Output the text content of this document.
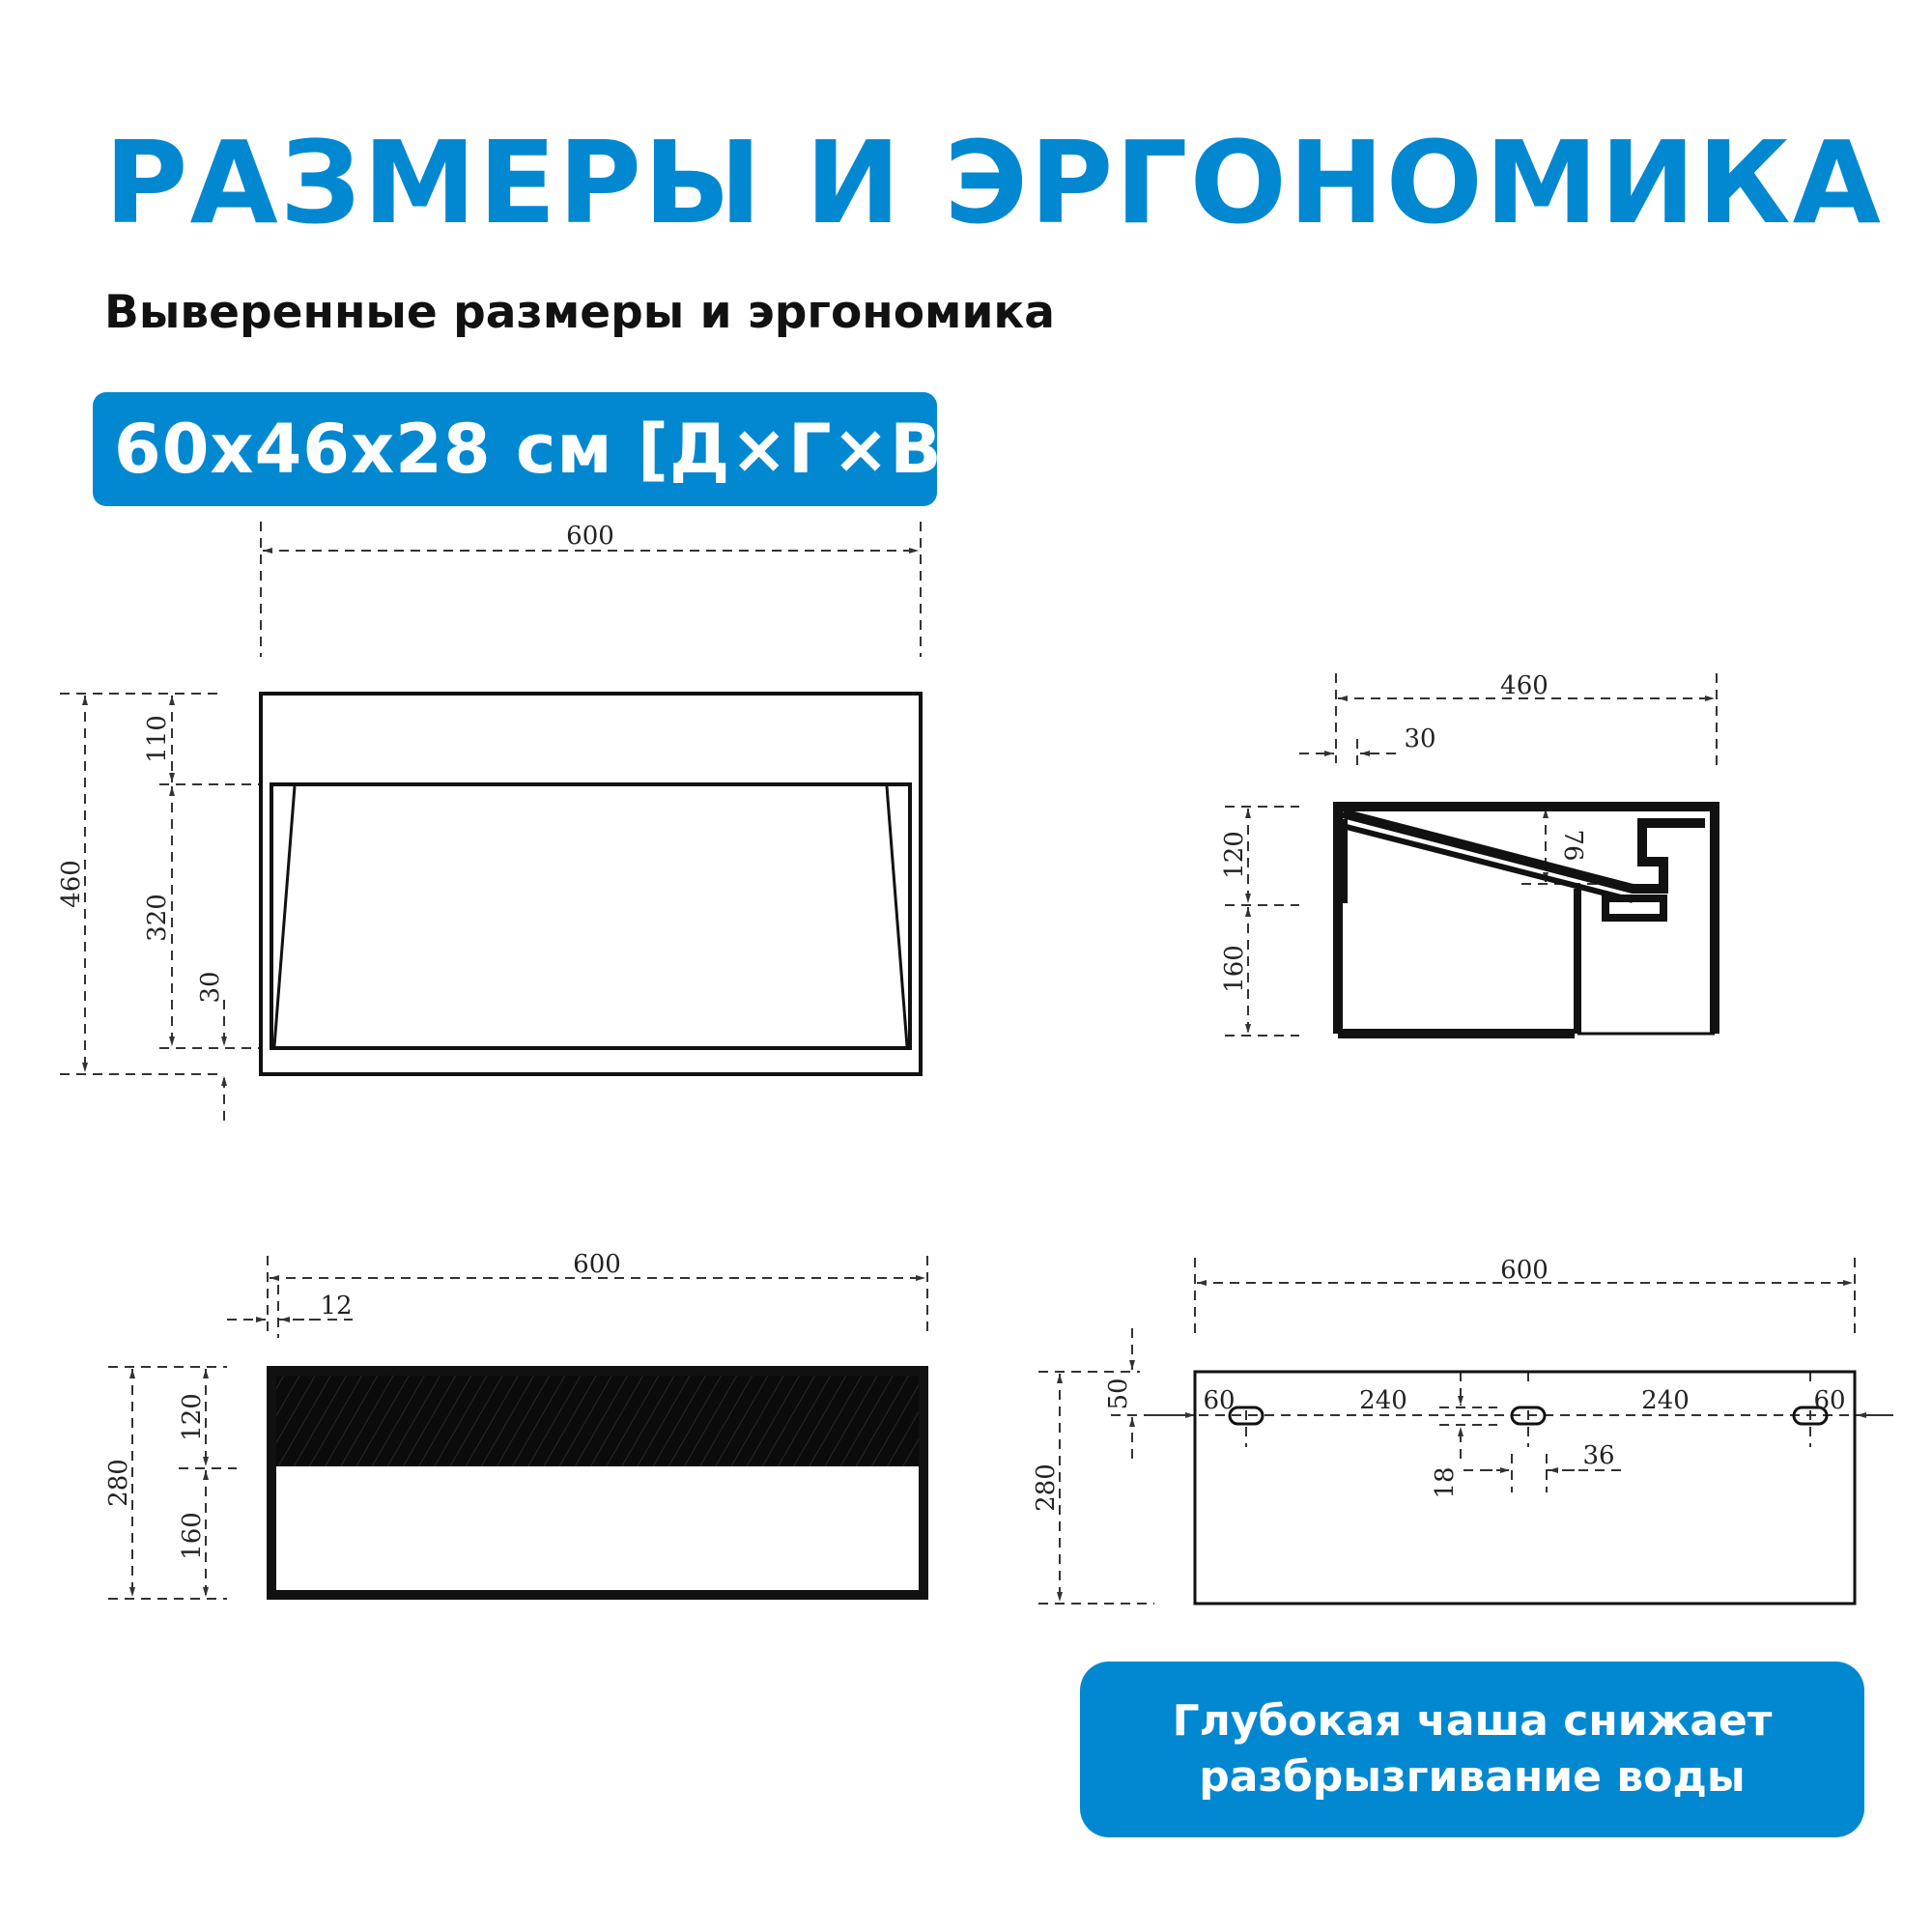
РАЗМЕРЫ И ЭРГОНОМИКА

Выверенные размеры и эргономика

60x46x28 см [Д×Г×В]
600
460
110
320
30
460
30
76
120
160
600
12
280
120
160
600
50	60	240	240	60
36
18
280
Глубокая чаша снижает
разбрызгивание воды
